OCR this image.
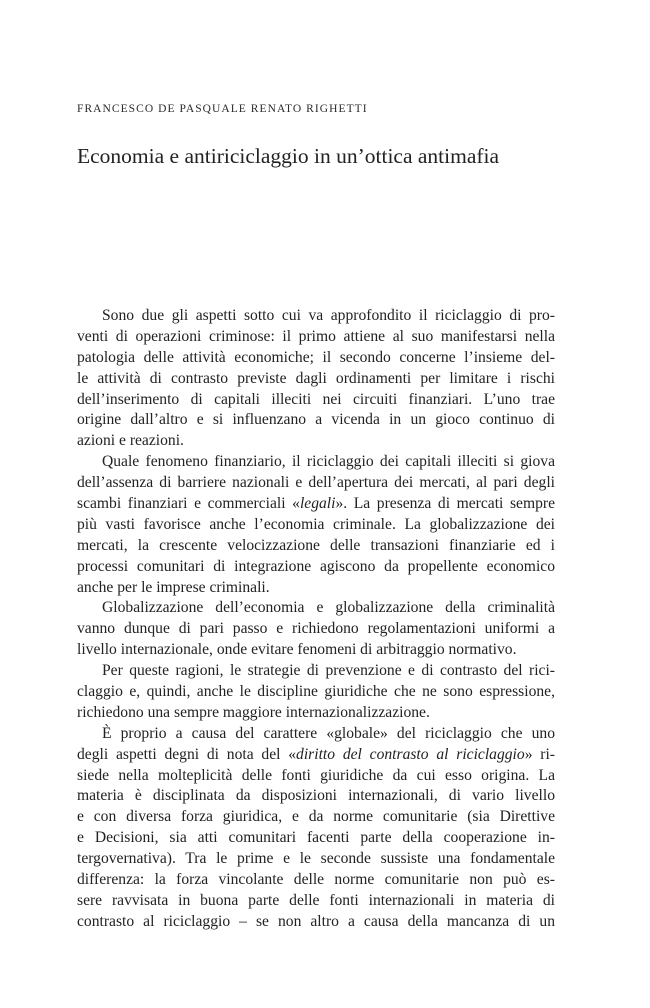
FRANCESCO DE PASQUALE RENATO RIGHETTI
Economia e antiriciclaggio in un’ottica antimafia
Sono due gli aspetti sotto cui va approfondito il riciclaggio di pro-
venti di operazioni criminose: il primo attiene al suo manifestarsi nella
patologia delle attività economiche; il secondo concerne l’insieme del-
le attività di contrasto previste dagli ordinamenti per limitare i rischi
dell’inserimento di capitali illeciti nei circuiti finanziari. L’uno trae
origine dall’altro e si influenzano a vicenda in un gioco continuo di
azioni e reazioni.
Quale fenomeno finanziario, il riciclaggio dei capitali illeciti si giova
dell’assenza di barriere nazionali e dell’apertura dei mercati, al pari degli
scambi finanziari e commerciali «legali». La presenza di mercati sempre
più vasti favorisce anche l’economia criminale. La globalizzazione dei
mercati, la crescente velocizzazione delle transazioni finanziarie ed i
processi comunitari di integrazione agiscono da propellente economico
anche per le imprese criminali.
Globalizzazione dell’economia e globalizzazione della criminalità
vanno dunque di pari passo e richiedono regolamentazioni uniformi a
livello internazionale, onde evitare fenomeni di arbitraggio normativo.
Per queste ragioni, le strategie di prevenzione e di contrasto del rici-
claggio e, quindi, anche le discipline giuridiche che ne sono espressione,
richiedono una sempre maggiore internazionalizzazione.
È proprio a causa del carattere «globale» del riciclaggio che uno
degli aspetti degni di nota del «diritto del contrasto al riciclaggio» ri-
siede nella molteplicità delle fonti giuridiche da cui esso origina. La
materia è disciplinata da disposizioni internazionali, di vario livello
e con diversa forza giuridica, e da norme comunitarie (sia Direttive
e Decisioni, sia atti comunitari facenti parte della cooperazione in-
tergovernativa). Tra le prime e le seconde sussiste una fondamentale
differenza: la forza vincolante delle norme comunitarie non può es-
sere ravvisata in buona parte delle fonti internazionali in materia di
contrasto al riciclaggio – se non altro a causa della mancanza di un
